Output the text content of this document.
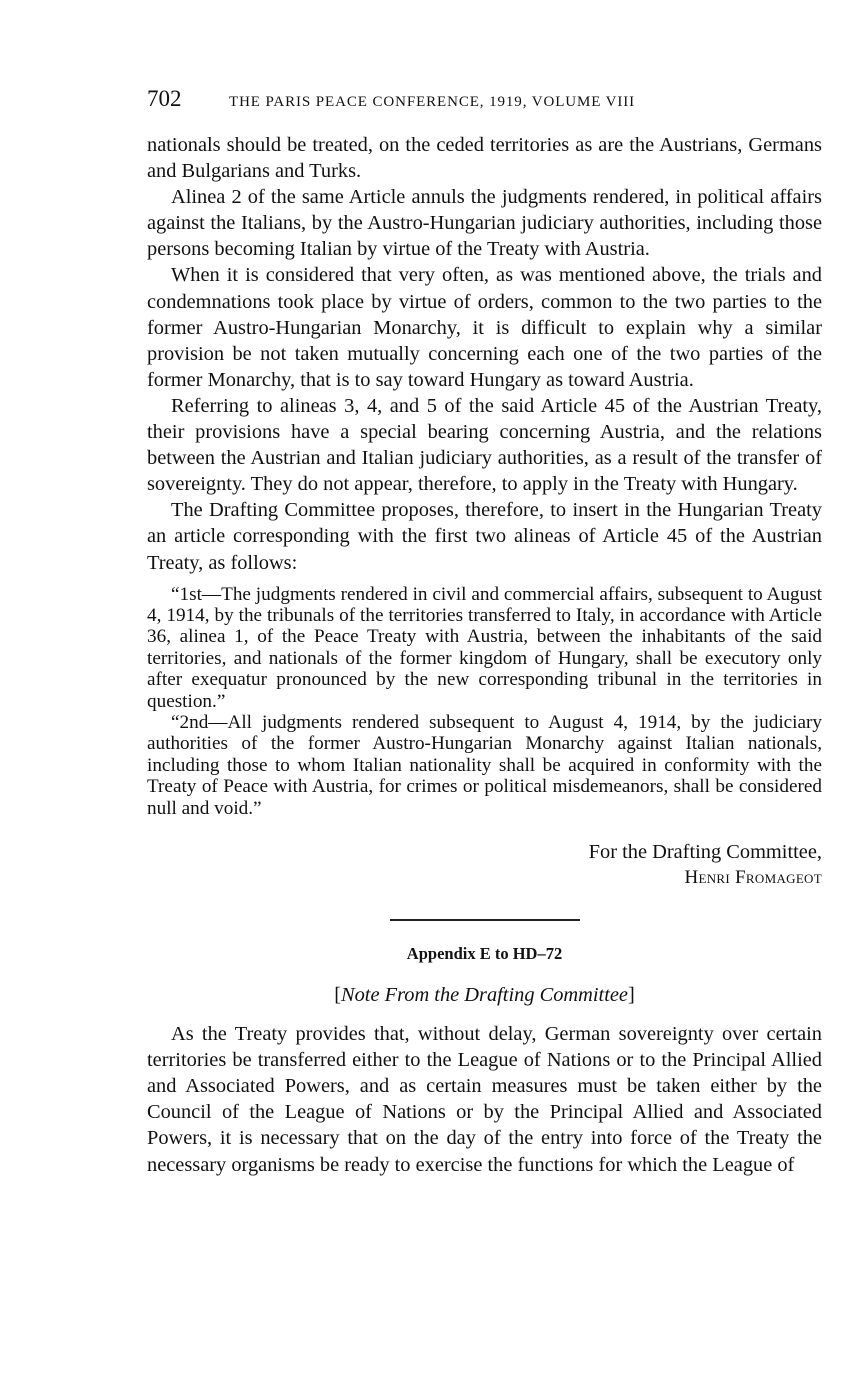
702	THE PARIS PEACE CONFERENCE, 1919, VOLUME VIII

nationals should be treated, on the ceded territories as are the Austrians, Germans and Bulgarians and Turks.

Alinea 2 of the same Article annuls the judgments rendered, in political affairs against the Italians, by the Austro-Hungarian judiciary authorities, including those persons becoming Italian by virtue of the Treaty with Austria.

When it is considered that very often, as was mentioned above, the trials and condemnations took place by virtue of orders, common to the two parties to the former Austro-Hungarian Monarchy, it is difficult to explain why a similar provision be not taken mutually concerning each one of the two parties of the former Monarchy, that is to say toward Hungary as toward Austria.

Referring to alineas 3, 4, and 5 of the said Article 45 of the Austrian Treaty, their provisions have a special bearing concerning Austria, and the relations between the Austrian and Italian judiciary authorities, as a result of the transfer of sovereignty. They do not appear, therefore, to apply in the Treaty with Hungary.

The Drafting Committee proposes, therefore, to insert in the Hungarian Treaty an article corresponding with the first two alineas of Article 45 of the Austrian Treaty, as follows:

“1st—The judgments rendered in civil and commercial affairs, subsequent to August 4, 1914, by the tribunals of the territories transferred to Italy, in accordance with Article 36, alinea 1, of the Peace Treaty with Austria, between the inhabitants of the said territories, and nationals of the former kingdom of Hungary, shall be executory only after exequatur pronounced by the new corresponding tribunal in the territories in question.”

“2nd—All judgments rendered subsequent to August 4, 1914, by the judiciary authorities of the former Austro-Hungarian Monarchy against Italian nationals, including those to whom Italian nationality shall be acquired in conformity with the Treaty of Peace with Austria, for crimes or political misdemeanors, shall be considered null and void.”

For the Drafting Committee,
Henri Fromageot
Appendix E to HD–72
[Note From the Drafting Committee]

As the Treaty provides that, without delay, German sovereignty over certain territories be transferred either to the League of Nations or to the Principal Allied and Associated Powers, and as certain measures must be taken either by the Council of the League of Nations or by the Principal Allied and Associated Powers, it is necessary that on the day of the entry into force of the Treaty the necessary organisms be ready to exercise the functions for which the League of
